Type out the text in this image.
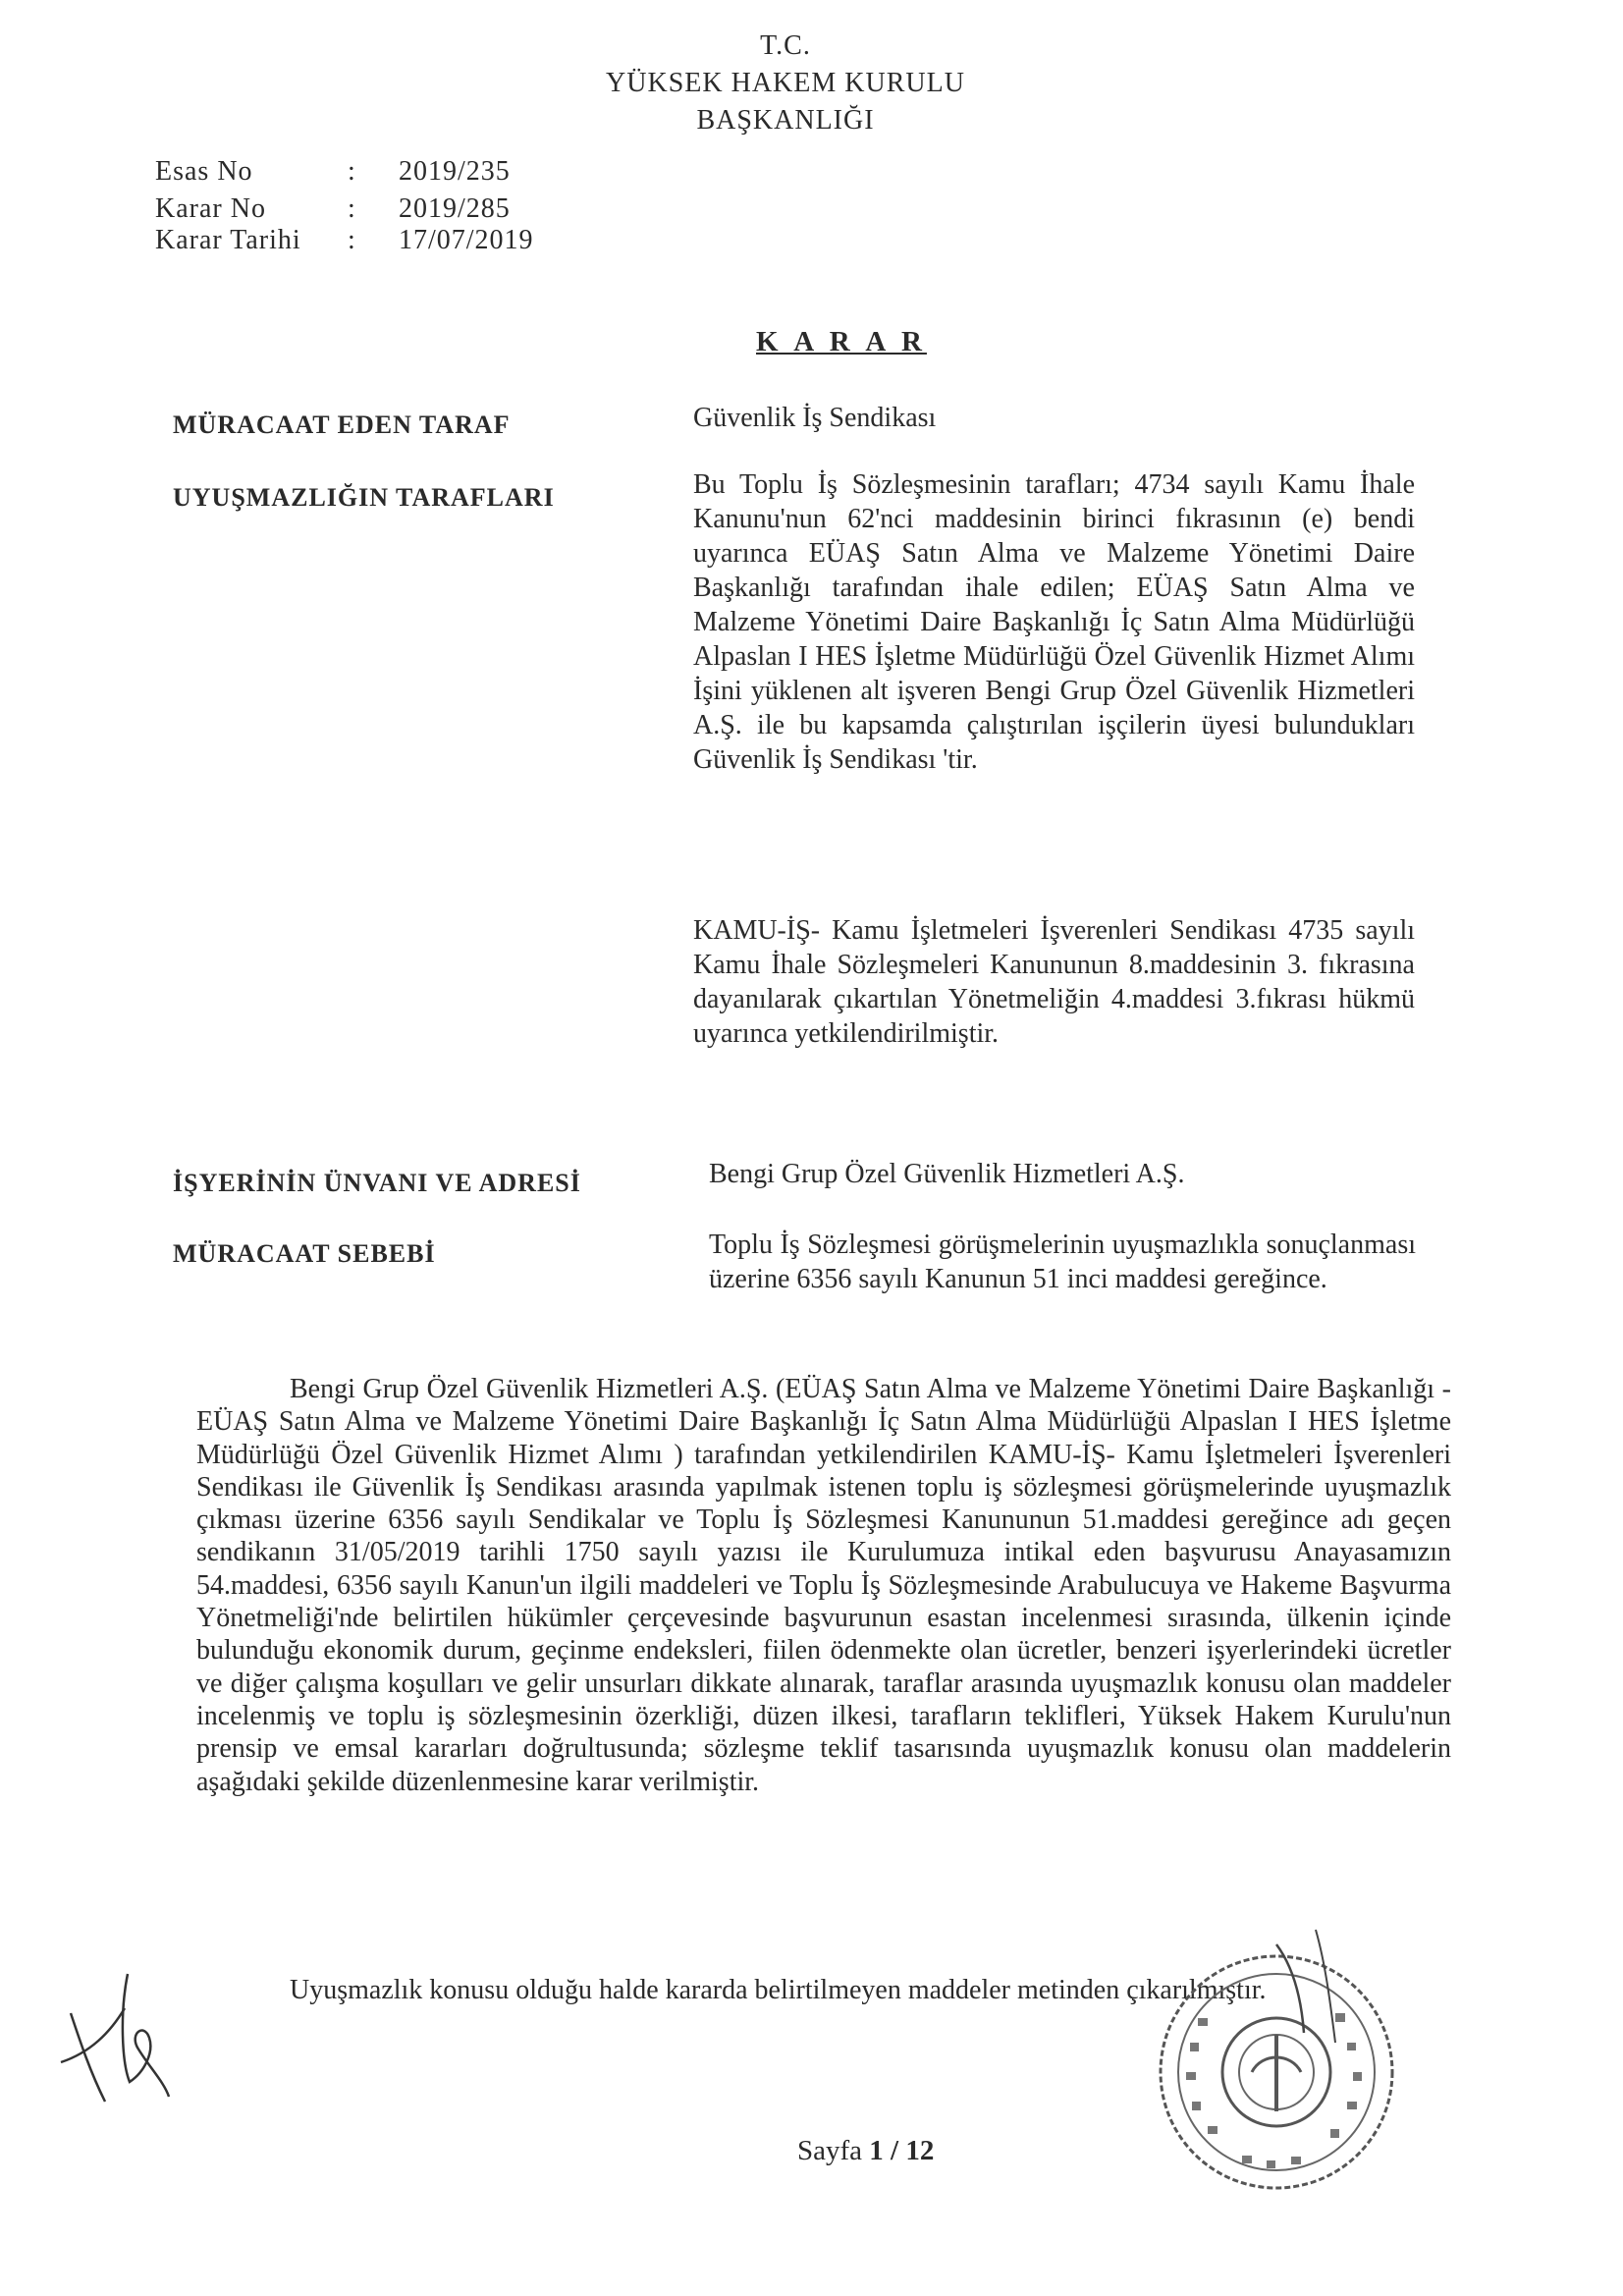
T.C.
YÜKSEK HAKEM KURULU
BAŞKANLIĞI
Esas No	: 2019/235
Karar No	: 2019/285
Karar Tarihi : 17/07/2019
K A R A R
MÜRACAAT EDEN TARAF	Güvenlik İş Sendikası
UYUŞMAZLIĞIN TARAFLARI	Bu Toplu İş Sözleşmesinin tarafları; 4734 sayılı Kamu İhale Kanunu'nun 62'nci maddesinin birinci fıkrasının (e) bendi uyarınca EÜAŞ Satın Alma ve Malzeme Yönetimi Daire Başkanlığı tarafından ihale edilen; EÜAŞ Satın Alma ve Malzeme Yönetimi Daire Başkanlığı İç Satın Alma Müdürlüğü Alpaslan I HES İşletme Müdürlüğü Özel Güvenlik Hizmet Alımı İşini yüklenen alt işveren Bengi Grup Özel Güvenlik Hizmetleri A.Ş. ile bu kapsamda çalıştırılan işçilerin üyesi bulundukları Güvenlik İş Sendikası 'tir.
KAMU-İŞ- Kamu İşletmeleri İşverenleri Sendikası 4735 sayılı Kamu İhale Sözleşmeleri Kanununun 8.maddesinin 3. fıkrasına dayanılarak çıkartılan Yönetmeliğin 4.maddesi 3.fıkrası hükmü uyarınca yetkilendirilmiştir.
İŞYERİNİN ÜNVANI VE ADRESİ	Bengi Grup Özel Güvenlik Hizmetleri A.Ş.
MÜRACAAT SEBEBİ	Toplu İş Sözleşmesi görüşmelerinin uyuşmazlıkla sonuçlanması üzerine 6356 sayılı Kanunun 51 inci maddesi gereğince.
Bengi Grup Özel Güvenlik Hizmetleri A.Ş. (EÜAŞ Satın Alma ve Malzeme Yönetimi Daire Başkanlığı - EÜAŞ Satın Alma ve Malzeme Yönetimi Daire Başkanlığı İç Satın Alma Müdürlüğü Alpaslan I HES İşletme Müdürlüğü Özel Güvenlik Hizmet Alımı ) tarafından yetkilendirilen KAMU-İŞ- Kamu İşletmeleri İşverenleri Sendikası ile Güvenlik İş Sendikası arasında yapılmak istenen toplu iş sözleşmesi görüşmelerinde uyuşmazlık çıkması üzerine 6356 sayılı Sendikalar ve Toplu İş Sözleşmesi Kanununun 51.maddesi gereğince adı geçen sendikanın 31/05/2019 tarihli 1750 sayılı yazısı ile Kurulumuza intikal eden başvurusu Anayasamızın 54.maddesi, 6356 sayılı Kanun'un ilgili maddeleri ve Toplu İş Sözleşmesinde Arabulucuya ve Hakeme Başvurma Yönetmeliği'nde belirtilen hükümler çerçevesinde başvurunun esastan incelenmesi sırasında, ülkenin içinde bulunduğu ekonomik durum, geçinme endeksleri, fiilen ödenmekte olan ücretler, benzeri işyerlerindeki ücretler ve diğer çalışma koşulları ve gelir unsurları dikkate alınarak, taraflar arasında uyuşmazlık konusu olan maddeler incelenmiş ve toplu iş sözleşmesinin özerkliği, düzen ilkesi, tarafların teklifleri, Yüksek Hakem Kurulu'nun prensip ve emsal kararları doğrultusunda; sözleşme teklif tasarısında uyuşmazlık konusu olan maddelerin aşağıdaki şekilde düzenlenmesine karar verilmiştir.
Uyuşmazlık konusu olduğu halde kararda belirtilmeyen maddeler metinden çıkarılmıştır.
Sayfa 1 / 12
